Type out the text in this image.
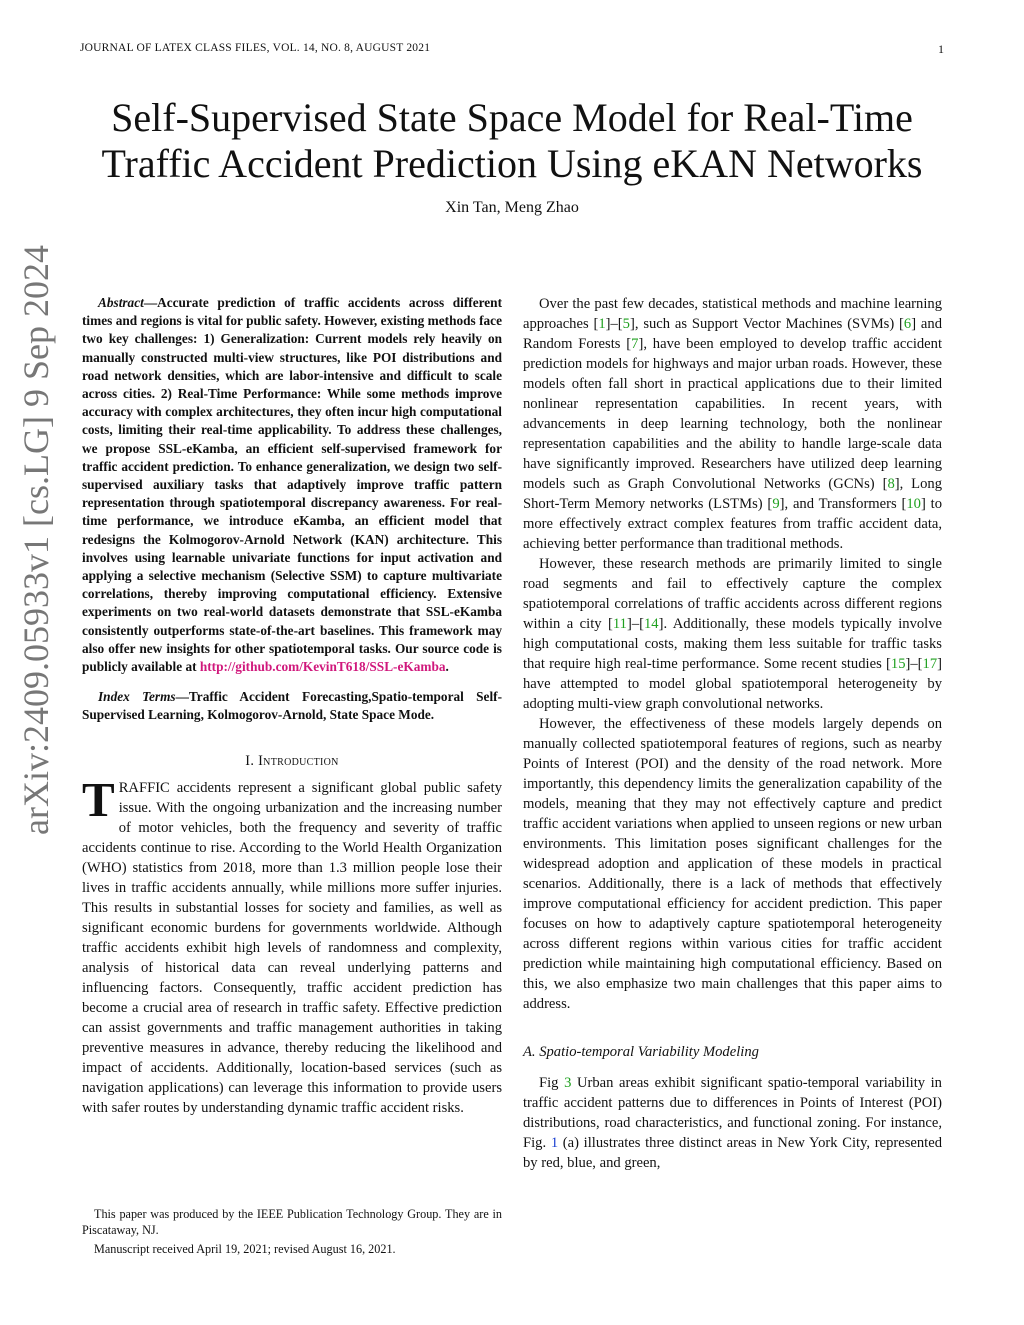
JOURNAL OF LATEX CLASS FILES, VOL. 14, NO. 8, AUGUST 2021	1
arXiv:2409.05933v1 [cs.LG] 9 Sep 2024
Self-Supervised State Space Model for Real-Time
Traffic Accident Prediction Using eKAN Networks
Xin Tan, Meng Zhao

Abstract—Accurate prediction of traffic accidents across different times and regions is vital for public safety. However, existing methods face two key challenges: 1) Generalization: Current models rely heavily on manually constructed multi-view structures, like POI distributions and road network densities, which are labor-intensive and difficult to scale across cities. 2) Real-Time Performance: While some methods improve accuracy with complex architectures, they often incur high computational costs, limiting their real-time applicability. To address these challenges, we propose SSL-eKamba, an efficient self-supervised framework for traffic accident prediction. To enhance generalization, we design two self-supervised auxiliary tasks that adaptively improve traffic pattern representation through spatiotemporal discrepancy awareness. For real-time performance, we introduce eKamba, an efficient model that redesigns the Kolmogorov-Arnold Network (KAN) architecture. This involves using learnable univariate functions for input activation and applying a selective mechanism (Selective SSM) to capture multivariate correlations, thereby improving computational efficiency. Extensive experiments on two real-world datasets demonstrate that SSL-eKamba consistently outperforms state-of-the-art baselines. This framework may also offer new insights for other spatiotemporal tasks. Our source code is publicly available at http://github.com/KevinT618/SSL-eKamba.

Index Terms—Traffic Accident Forecasting,Spatio-temporal Self-Supervised Learning, Kolmogorov-Arnold, State Space Mode.

I. Introduction

TRAFFIC accidents represent a significant global public safety issue. With the ongoing urbanization and the increasing number of motor vehicles, both the frequency and severity of traffic accidents continue to rise. According to the World Health Organization (WHO) statistics from 2018, more than 1.3 million people lose their lives in traffic accidents annually, while millions more suffer injuries. This results in substantial losses for society and families, as well as significant economic burdens for governments worldwide. Although traffic accidents exhibit high levels of randomness and complexity, analysis of historical data can reveal underlying patterns and influencing factors. Consequently, traffic accident prediction has become a crucial area of research in traffic safety. Effective prediction can assist governments and traffic management authorities in taking preventive measures in advance, thereby reducing the likelihood and impact of accidents. Additionally, location-based services (such as navigation applications) can leverage this information to provide users with safer routes by understanding dynamic traffic accident risks.

This paper was produced by the IEEE Publication Technology Group. They are in Piscataway, NJ.

Manuscript received April 19, 2021; revised August 16, 2021.

Over the past few decades, statistical methods and machine learning approaches [1]–[5], such as Support Vector Machines (SVMs) [6] and Random Forests [7], have been employed to develop traffic accident prediction models for highways and major urban roads. However, these models often fall short in practical applications due to their limited nonlinear representation capabilities. In recent years, with advancements in deep learning technology, both the nonlinear representation capabilities and the ability to handle large-scale data have significantly improved. Researchers have utilized deep learning models such as Graph Convolutional Networks (GCNs) [8], Long Short-Term Memory networks (LSTMs) [9], and Transformers [10] to more effectively extract complex features from traffic accident data, achieving better performance than traditional methods.

However, these research methods are primarily limited to single road segments and fail to effectively capture the complex spatiotemporal correlations of traffic accidents across different regions within a city [11]–[14]. Additionally, these models typically involve high computational costs, making them less suitable for traffic tasks that require high real-time performance. Some recent studies [15]–[17] have attempted to model global spatiotemporal heterogeneity by adopting multi-view graph convolutional networks.

However, the effectiveness of these models largely depends on manually collected spatiotemporal features of regions, such as nearby Points of Interest (POI) and the density of the road network. More importantly, this dependency limits the generalization capability of the models, meaning that they may not effectively capture and predict traffic accident variations when applied to unseen regions or new urban environments. This limitation poses significant challenges for the widespread adoption and application of these models in practical scenarios. Additionally, there is a lack of methods that effectively improve computational efficiency for accident prediction. This paper focuses on how to adaptively capture spatiotemporal heterogeneity across different regions within various cities for traffic accident prediction while maintaining high computational efficiency. Based on this, we also emphasize two main challenges that this paper aims to address.

A. Spatio-temporal Variability Modeling

Fig 3 Urban areas exhibit significant spatio-temporal variability in traffic accident patterns due to differences in Points of Interest (POI) distributions, road characteristics, and functional zoning. For instance, Fig. 1 (a) illustrates three distinct areas in New York City, represented by red, blue, and green,
